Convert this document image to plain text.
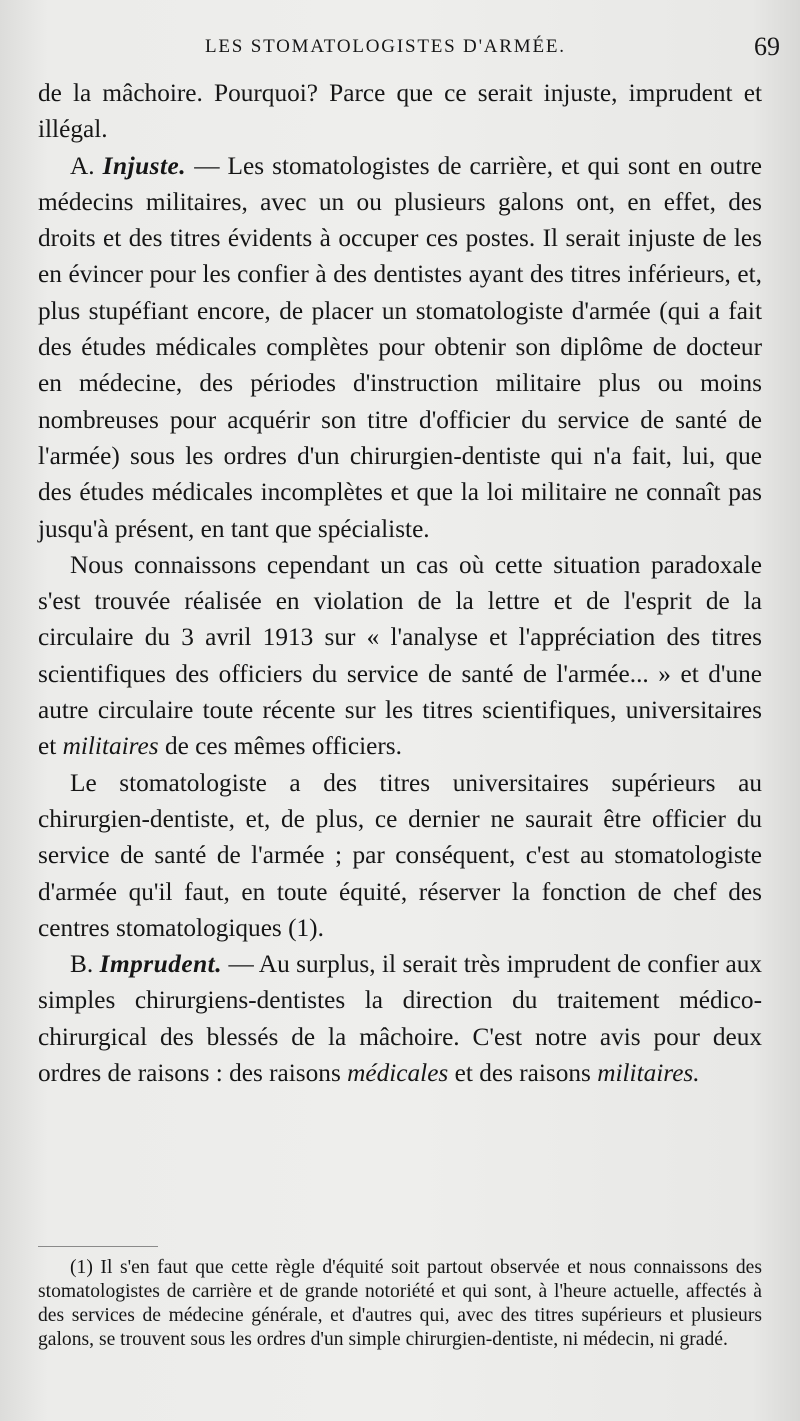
LES STOMATOLOGISTES D'ARMÉE.	69

de la mâchoire. Pourquoi? Parce que ce serait injuste, imprudent et illégal.

A. Injuste. — Les stomatologistes de carrière, et qui sont en outre médecins militaires, avec un ou plusieurs galons ont, en effet, des droits et des titres évidents à occuper ces postes. Il serait injuste de les en évincer pour les confier à des dentistes ayant des titres inférieurs, et, plus stupéfiant encore, de placer un stomatologiste d'armée (qui a fait des études médicales complètes pour obtenir son diplôme de docteur en médecine, des périodes d'instruction militaire plus ou moins nombreuses pour acquérir son titre d'officier du service de santé de l'armée) sous les ordres d'un chirurgien-dentiste qui n'a fait, lui, que des études médicales incomplètes et que la loi militaire ne connaît pas jusqu'à présent, en tant que spécialiste.

Nous connaissons cependant un cas où cette situation paradoxale s'est trouvée réalisée en violation de la lettre et de l'esprit de la circulaire du 3 avril 1913 sur « l'analyse et l'appréciation des titres scientifiques des officiers du service de santé de l'armée... » et d'une autre circulaire toute récente sur les titres scientifiques, universitaires et militaires de ces mêmes officiers.

Le stomatologiste a des titres universitaires supérieurs au chirurgien-dentiste, et, de plus, ce dernier ne saurait être officier du service de santé de l'armée ; par conséquent, c'est au stomatologiste d'armée qu'il faut, en toute équité, réserver la fonction de chef des centres stomatologiques (1).

B. Imprudent. — Au surplus, il serait très imprudent de confier aux simples chirurgiens-dentistes la direction du traitement médico-chirurgical des blessés de la mâchoire. C'est notre avis pour deux ordres de raisons : des raisons médicales et des raisons militaires.

(1) Il s'en faut que cette règle d'équité soit partout observée et nous connaissons des stomatologistes de carrière et de grande notoriété et qui sont, à l'heure actuelle, affectés à des services de médecine générale, et d'autres qui, avec des titres supérieurs et plusieurs galons, se trouvent sous les ordres d'un simple chirurgien-dentiste, ni médecin, ni gradé.
